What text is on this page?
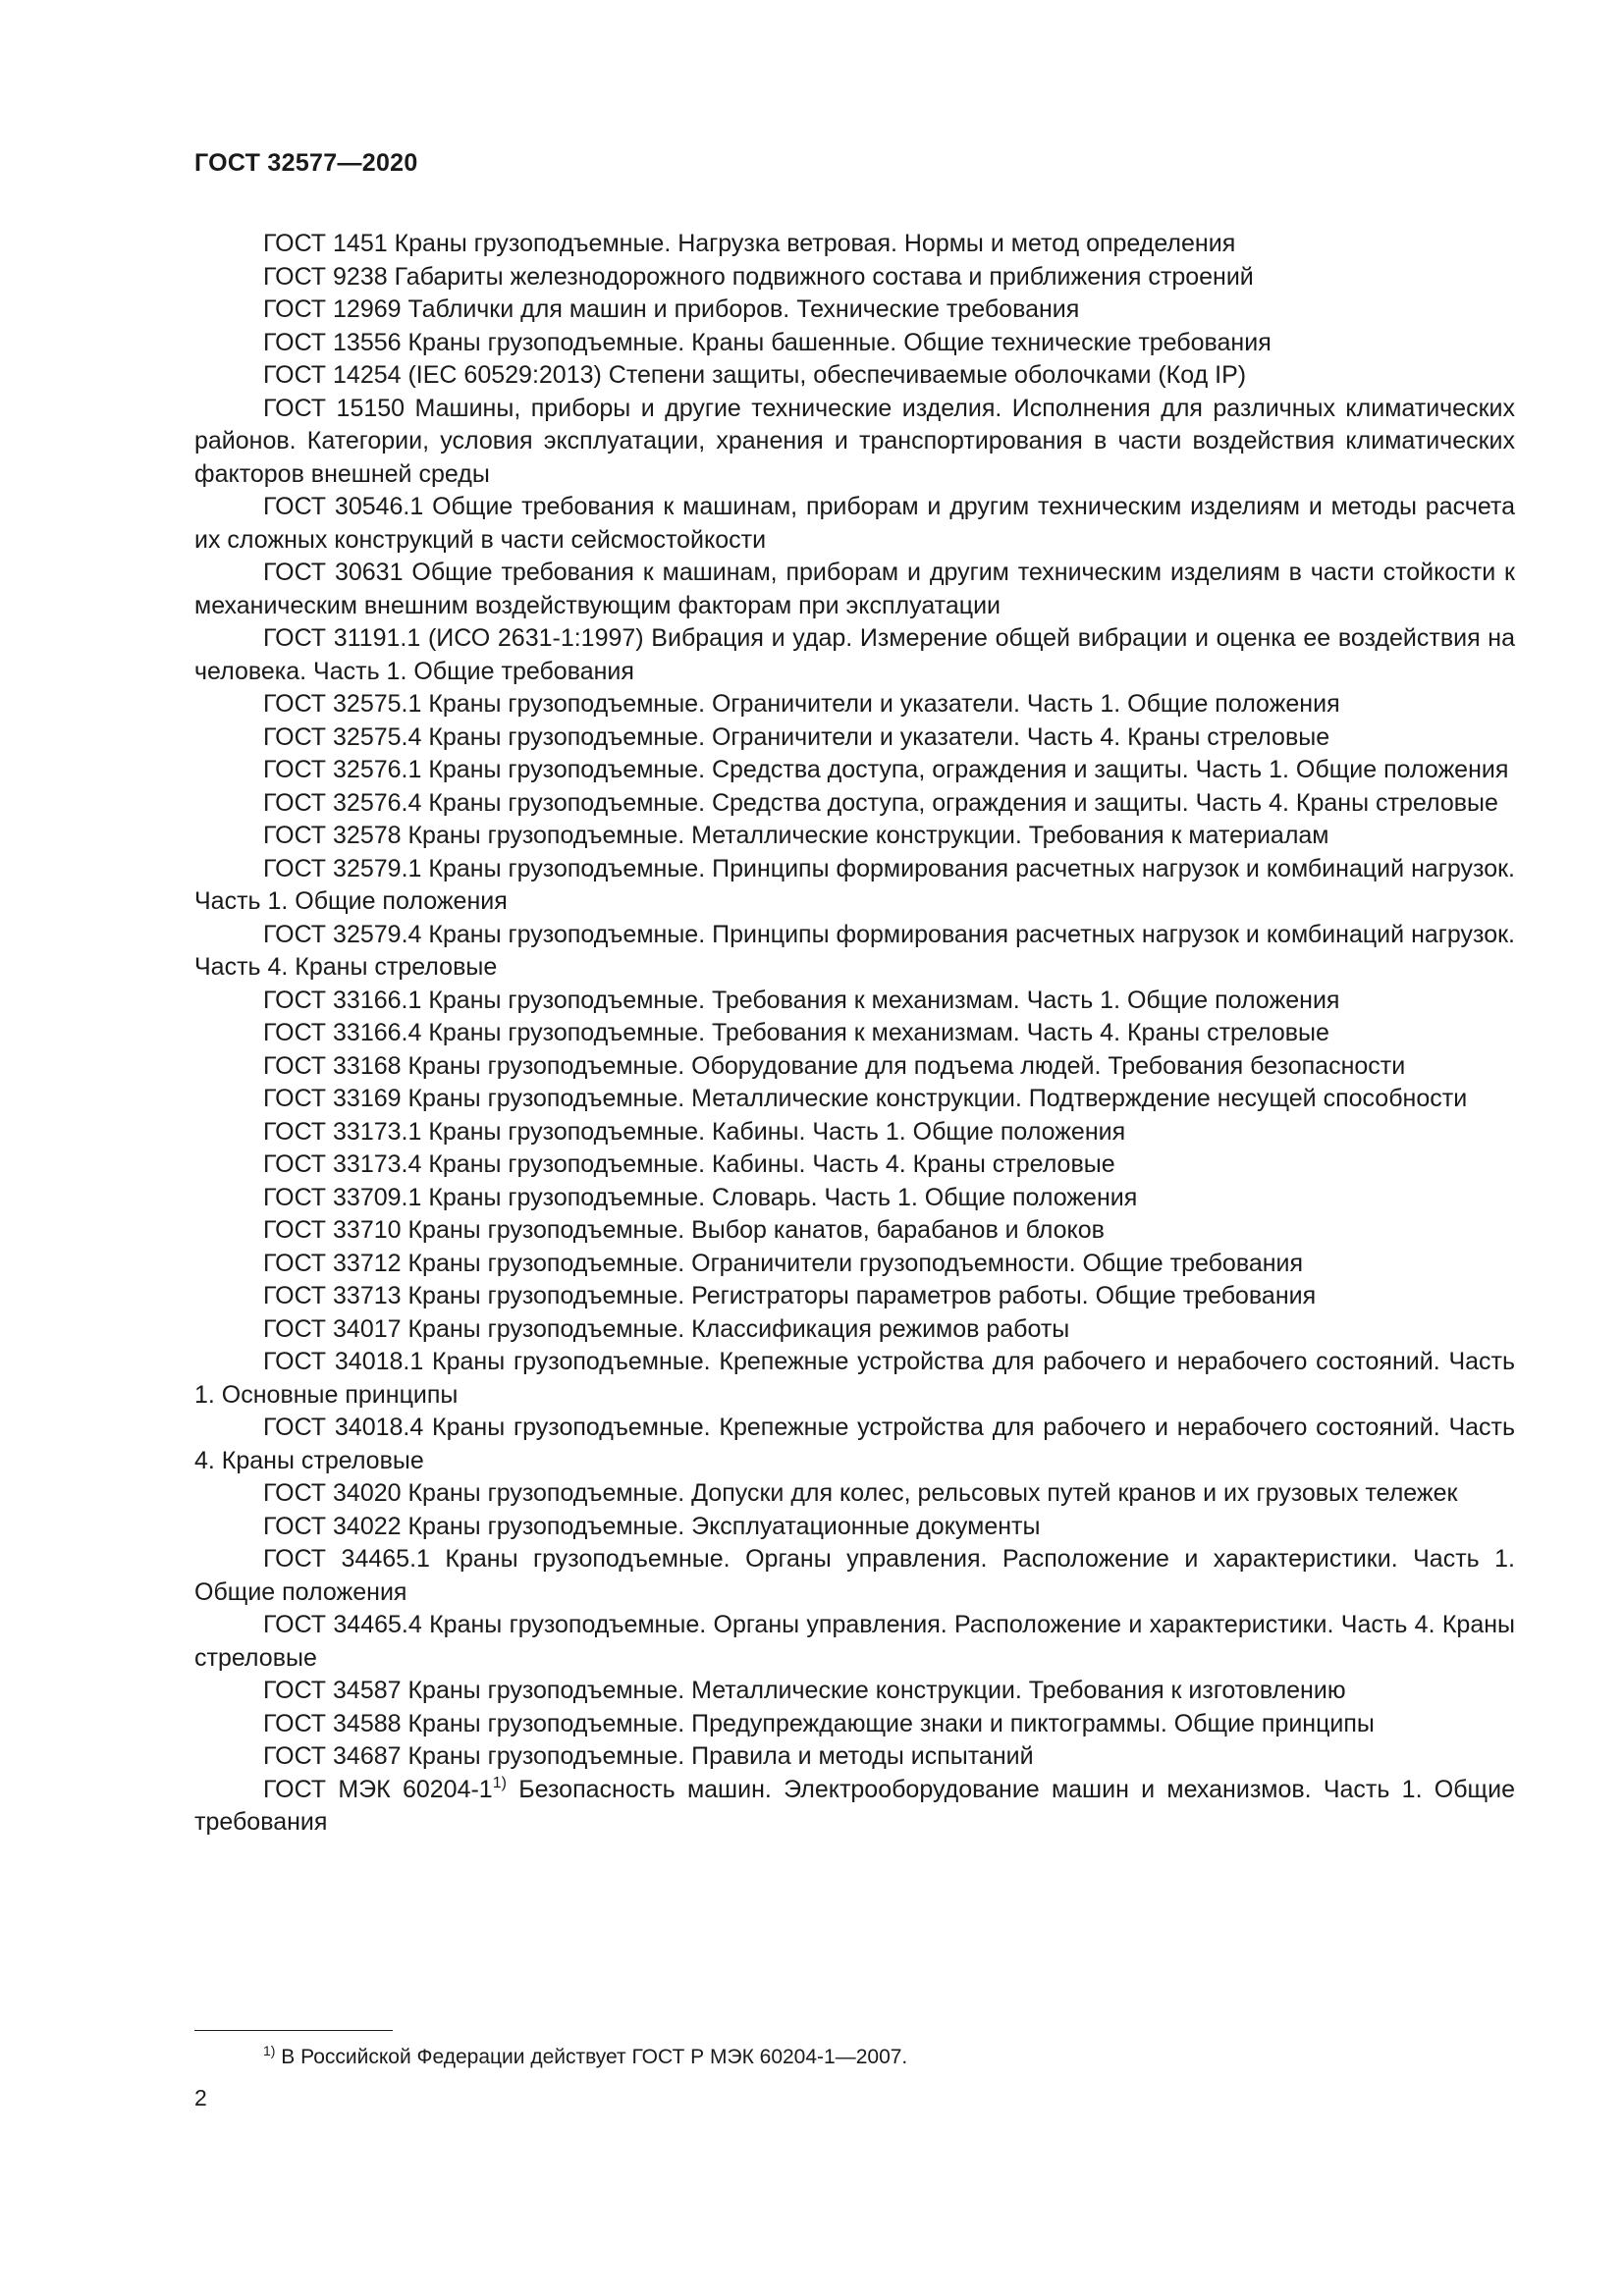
ГОСТ 32577—2020

ГОСТ 1451 Краны грузоподъемные. Нагрузка ветровая. Нормы и метод определения

ГОСТ 9238 Габариты железнодорожного подвижного состава и приближения строений

ГОСТ 12969 Таблички для машин и приборов. Технические требования

ГОСТ 13556 Краны грузоподъемные. Краны башенные. Общие технические требования

ГОСТ 14254 (IEC 60529:2013) Степени защиты, обеспечиваемые оболочками (Код IP)

ГОСТ 15150 Машины, приборы и другие технические изделия. Исполнения для различных климатических районов. Категории, условия эксплуатации, хранения и транспортирования в части воздействия климатических факторов внешней среды

ГОСТ 30546.1 Общие требования к машинам, приборам и другим техническим изделиям и методы расчета их сложных конструкций в части сейсмостойкости

ГОСТ 30631 Общие требования к машинам, приборам и другим техническим изделиям в части стойкости к механическим внешним воздействующим факторам при эксплуатации

ГОСТ 31191.1 (ИСО 2631-1:1997) Вибрация и удар. Измерение общей вибрации и оценка ее воздействия на человека. Часть 1. Общие требования

ГОСТ 32575.1 Краны грузоподъемные. Ограничители и указатели. Часть 1. Общие положения

ГОСТ 32575.4 Краны грузоподъемные. Ограничители и указатели. Часть 4. Краны стреловые

ГОСТ 32576.1 Краны грузоподъемные. Средства доступа, ограждения и защиты. Часть 1. Общие положения

ГОСТ 32576.4 Краны грузоподъемные. Средства доступа, ограждения и защиты. Часть 4. Краны стреловые

ГОСТ 32578 Краны грузоподъемные. Металлические конструкции. Требования к материалам

ГОСТ 32579.1 Краны грузоподъемные. Принципы формирования расчетных нагрузок и комбинаций нагрузок. Часть 1. Общие положения

ГОСТ 32579.4 Краны грузоподъемные. Принципы формирования расчетных нагрузок и комбинаций нагрузок. Часть 4. Краны стреловые

ГОСТ 33166.1 Краны грузоподъемные. Требования к механизмам. Часть 1. Общие положения

ГОСТ 33166.4 Краны грузоподъемные. Требования к механизмам. Часть 4. Краны стреловые

ГОСТ 33168 Краны грузоподъемные. Оборудование для подъема людей. Требования безопасности

ГОСТ 33169 Краны грузоподъемные. Металлические конструкции. Подтверждение несущей способности

ГОСТ 33173.1 Краны грузоподъемные. Кабины. Часть 1. Общие положения

ГОСТ 33173.4 Краны грузоподъемные. Кабины. Часть 4. Краны стреловые

ГОСТ 33709.1 Краны грузоподъемные. Словарь. Часть 1. Общие положения

ГОСТ 33710 Краны грузоподъемные. Выбор канатов, барабанов и блоков

ГОСТ 33712 Краны грузоподъемные. Ограничители грузоподъемности. Общие требования

ГОСТ 33713 Краны грузоподъемные. Регистраторы параметров работы. Общие требования

ГОСТ 34017 Краны грузоподъемные. Классификация режимов работы

ГОСТ 34018.1 Краны грузоподъемные. Крепежные устройства для рабочего и нерабочего состояний. Часть 1. Основные принципы

ГОСТ 34018.4 Краны грузоподъемные. Крепежные устройства для рабочего и нерабочего состояний. Часть 4. Краны стреловые

ГОСТ 34020 Краны грузоподъемные. Допуски для колес, рельсовых путей кранов и их грузовых тележек

ГОСТ 34022 Краны грузоподъемные. Эксплуатационные документы

ГОСТ 34465.1 Краны грузоподъемные. Органы управления. Расположение и характеристики. Часть 1. Общие положения

ГОСТ 34465.4 Краны грузоподъемные. Органы управления. Расположение и характеристики. Часть 4. Краны стреловые

ГОСТ 34587 Краны грузоподъемные. Металлические конструкции. Требования к изготовлению

ГОСТ 34588 Краны грузоподъемные. Предупреждающие знаки и пиктограммы. Общие принципы

ГОСТ 34687 Краны грузоподъемные. Правила и методы испытаний

ГОСТ МЭК 60204-1$^{1)}$ Безопасность машин. Электрооборудование машин и механизмов. Часть 1. Общие требования

$^{1)}$ В Российской Федерации действует ГОСТ Р МЭК 60204-1—2007.
2
